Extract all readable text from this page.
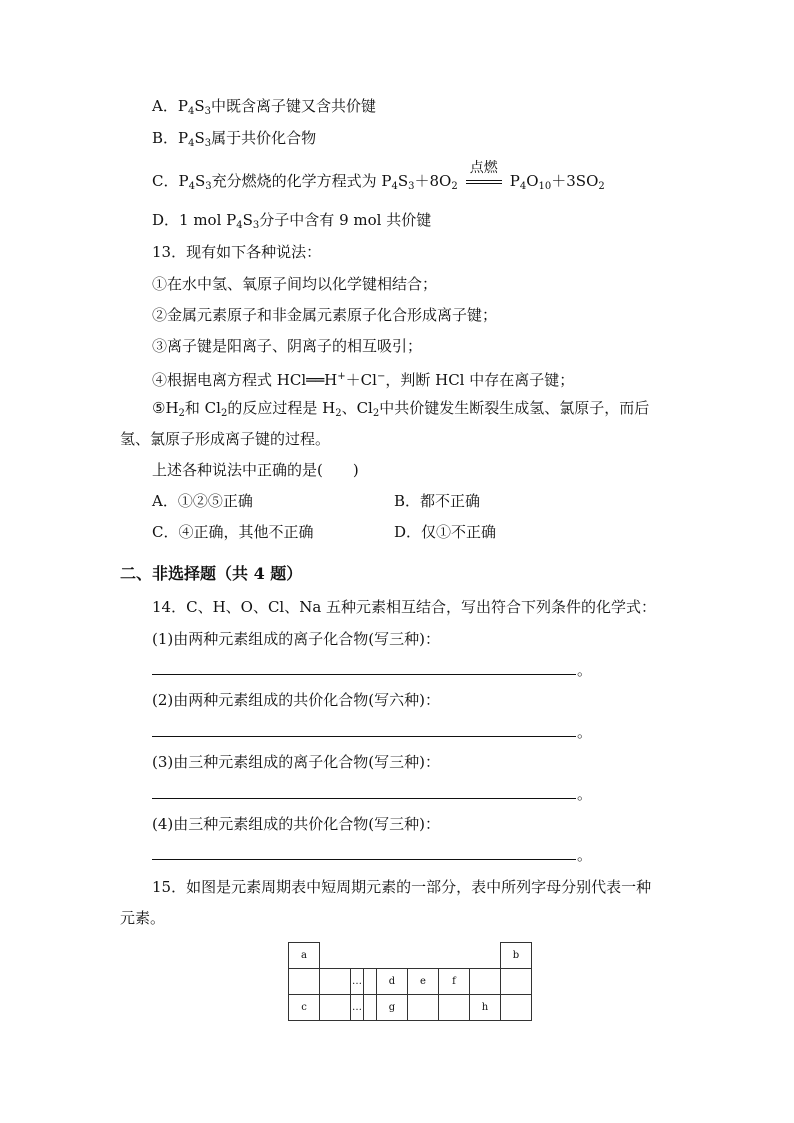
A．$P_4S_3$中既含离子键又含共价键
B．$P_4S_3$属于共价化合物
C．$P_4S_3$充分燃烧的化学方程式为 $P_4S_3+8O_2$
点燃
$P_4O_{10}+3SO_2$
D．1 mol $P_4S_3$分子中含有 9 mol 共价键
13．现有如下各种说法：
①在水中氢、氧原子间均以化学键相结合；
②金属元素原子和非金属元素原子化合形成离子键；
③离子键是阳离子、阴离子的相互吸引；
④根据电离方程式 HCl══H+＋Cl−，判断 HCl 中存在离子键；
$⑤H_2$和 $Cl_2$的反应过程是 $H_2$、$Cl_2$中共价键发生断裂生成氢、氯原子，而后
氢、氯原子形成离子键的过程。
上述各种说法中正确的是(　　)
A．①②⑤正确	B．都不正确
C．④正确，其他不正确	D．仅①不正确
二、非选择题（共 4 题）
14．C、H、O、Cl、Na 五种元素相互结合，写出符合下列条件的化学式：
(1)由两种元素组成的离子化合物(写三种)：
。
(2)由两种元素组成的共价化合物(写六种)：
。
(3)由三种元素组成的离子化合物(写三种)：
。
(4)由三种元素组成的共价化合物(写三种)：
。
15．如图是元素周期表中短周期元素的一部分，表中所列字母分别代表一种
元素。
a								b
		…		d	e	f		
c		…		g			h	
